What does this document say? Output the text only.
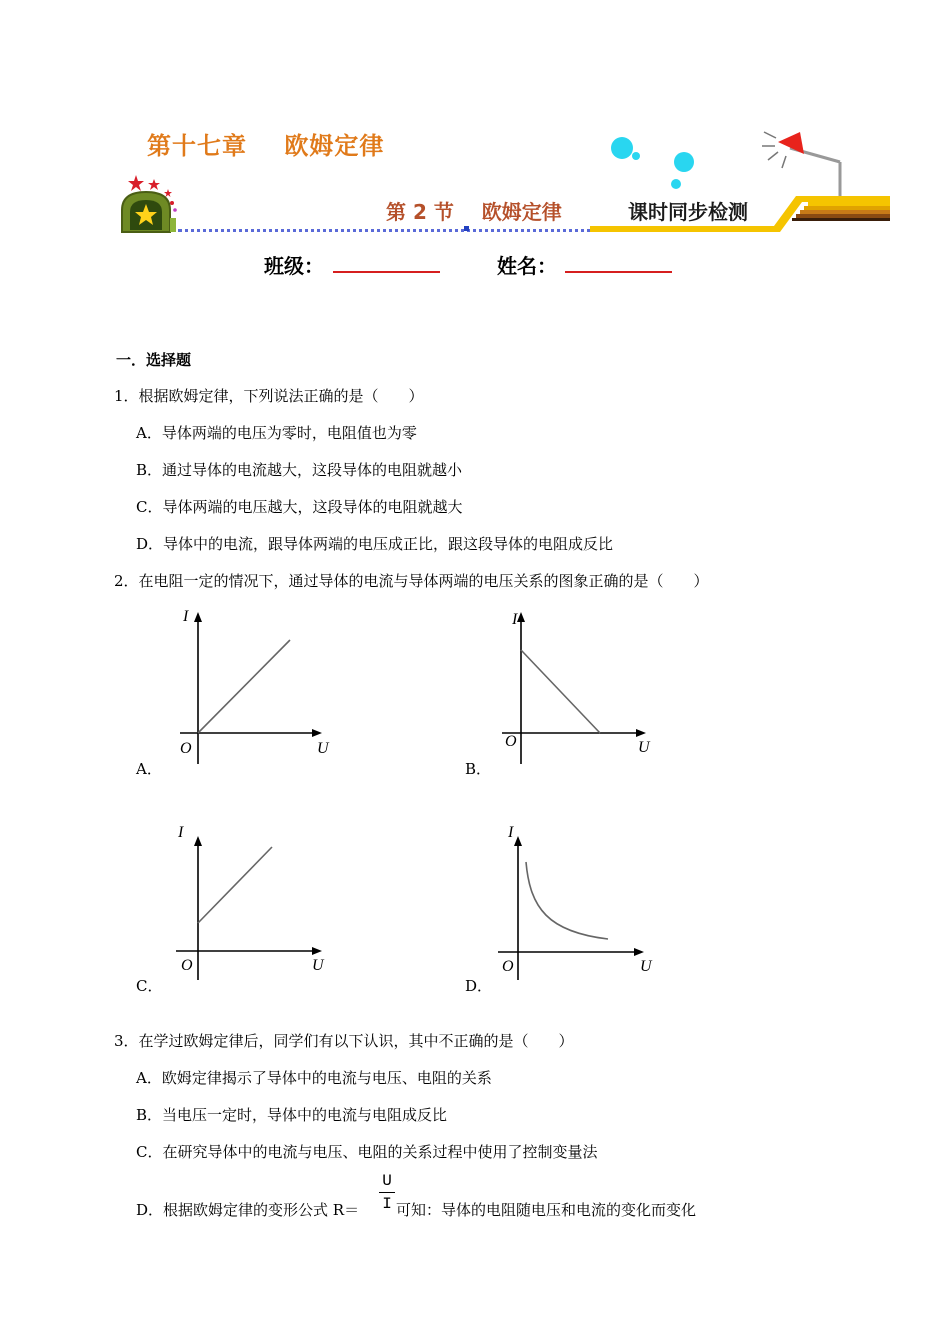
第十七章    欧姆定律
第 2 节    欧姆定律	课时同步检测
班级：	姓名：
一．选择题
1．根据欧姆定律，下列说法正确的是（　　）
A．导体两端的电压为零时，电阻值也为零
B．通过导体的电流越大，这段导体的电阻就越小
C．导体两端的电压越大，这段导体的电阻就越大
D．导体中的电流，跟导体两端的电压成正比，跟这段导体的电阻成反比
2．在电阻一定的情况下，通过导体的电流与导体两端的电压关系的图象正确的是（　　）
I
U
O
A．
I
U
O
B．
I
U
O
C．
I
U
O
D．
3．在学过欧姆定律后，同学们有以下认识，其中不正确的是（　　）
A．欧姆定律揭示了导体中的电流与电压、电阻的关系
B．当电压一定时，导体中的电流与电阻成反比
C．在研究导体中的电流与电压、电阻的关系过程中使用了控制变量法
D．根据欧姆定律的变形公式 R＝
U
I 可知：导体的电阻随电压和电流的变化而变化
